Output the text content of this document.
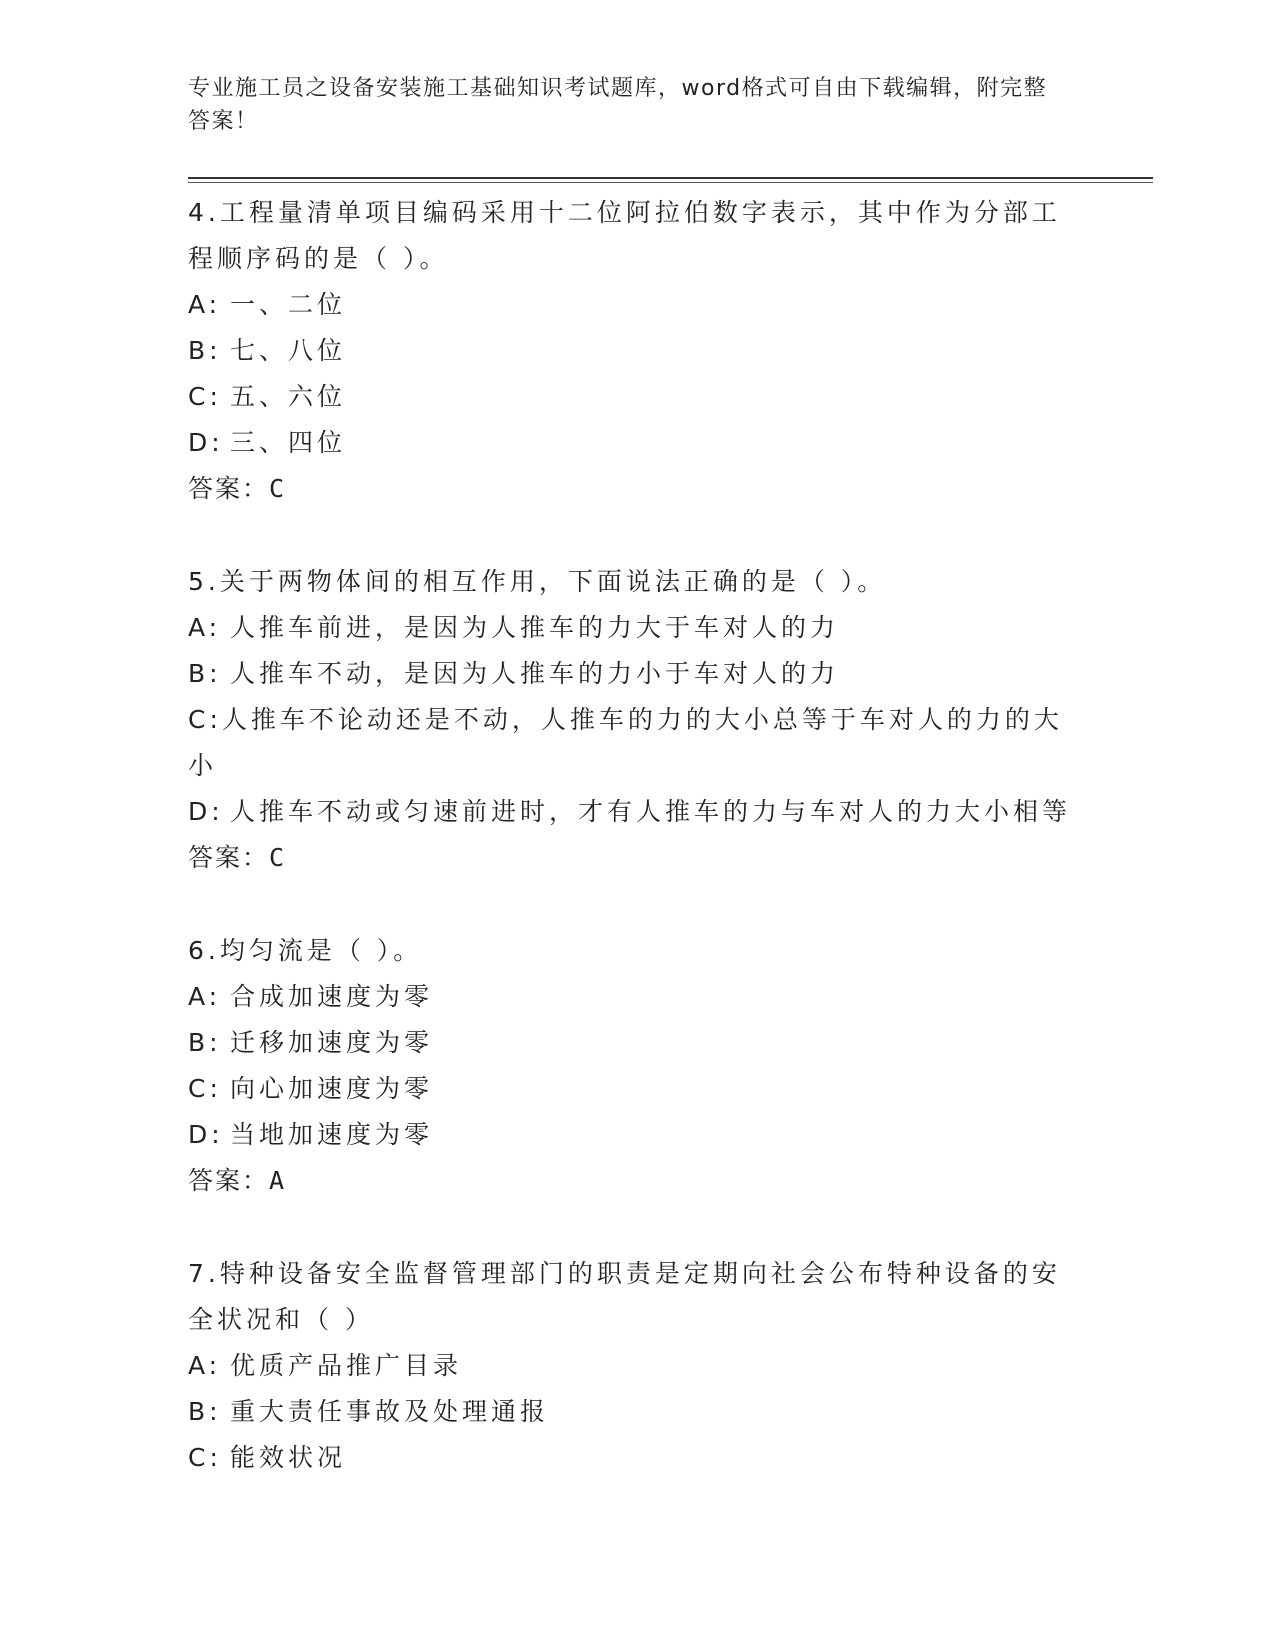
专业施工员之设备安装施工基础知识考试题库，word格式可自由下载编辑，附完整答案！
4.工程量清单项目编码采用十二位阿拉伯数字表示，其中作为分部工程顺序码的是（ ）。
A: 一、二位
B: 七、八位
C: 五、六位
D: 三、四位
答案：C
5.关于两物体间的相互作用，下面说法正确的是（ ）。
A: 人推车前进，是因为人推车的力大于车对人的力
B: 人推车不动，是因为人推车的力小于车对人的力
C:人推车不论动还是不动，人推车的力的大小总等于车对人的力的大小
D: 人推车不动或匀速前进时，才有人推车的力与车对人的力大小相等
答案：C
6.均匀流是（ ）。
A: 合成加速度为零
B: 迁移加速度为零
C: 向心加速度为零
D: 当地加速度为零
答案：A
7.特种设备安全监督管理部门的职责是定期向社会公布特种设备的安全状况和（ ）
A: 优质产品推广目录
B: 重大责任事故及处理通报
C: 能效状况
